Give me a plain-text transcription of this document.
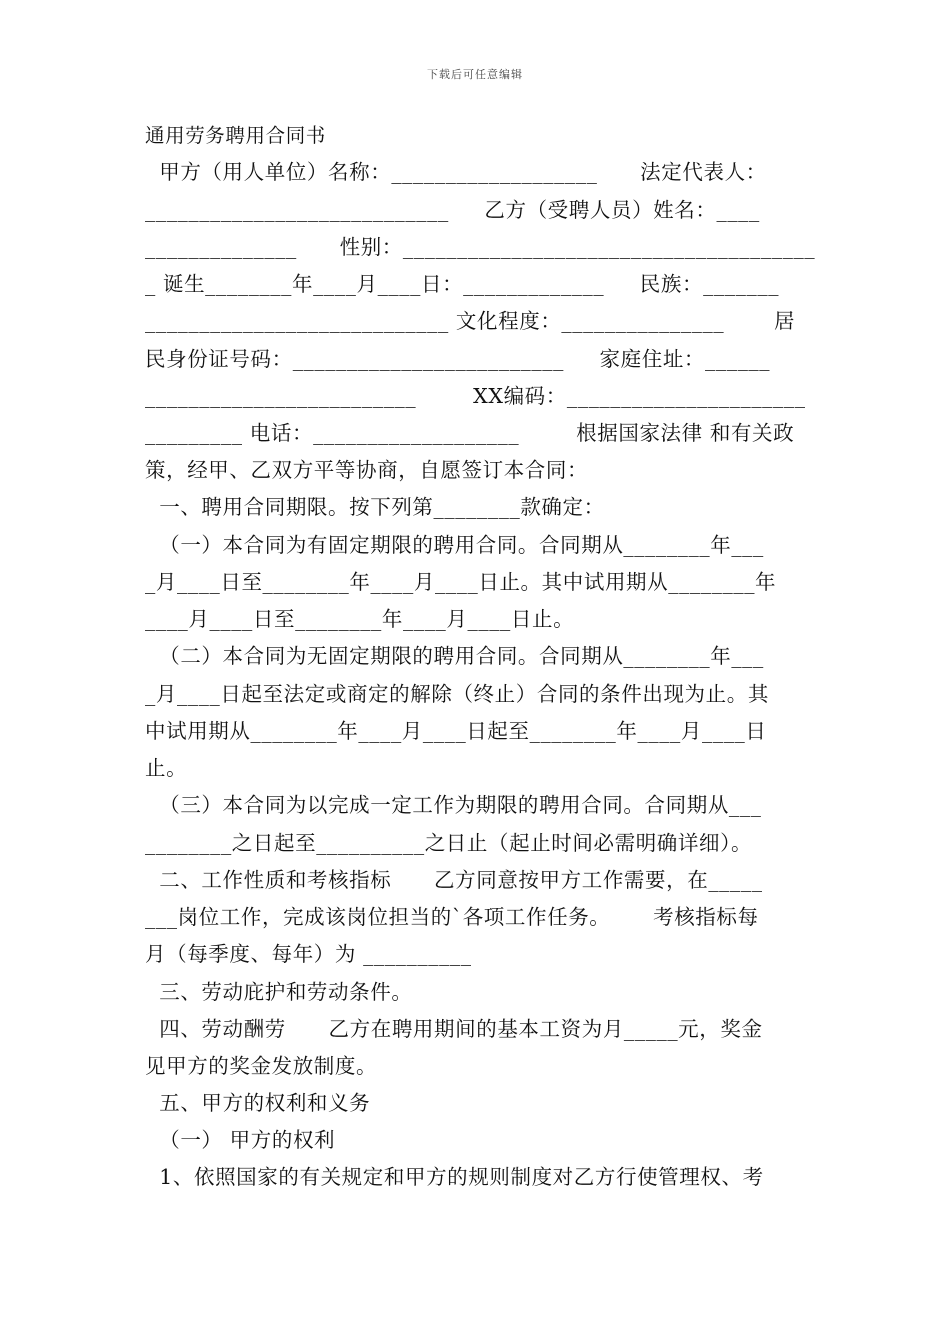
下载后可任意编辑
通用劳务聘用合同书
甲方（用人单位）名称：___________________      法定代表人：
____________________________     乙方（受聘人员）姓名：____
______________      性别：______________________________________
_ 诞生________年____月____日：_____________     民族：_______
____________________________ 文化程度：_______________       居
民身份证号码：_________________________     家庭住址：______
_________________________        XX编码：______________________
_________ 电话：___________________        根据国家法律 和有关政
策，经甲、乙双方平等协商，自愿签订本合同：
一、聘用合同期限。按下列第________款确定：
（一）本合同为有固定期限的聘用合同。合同期从________年___
_月____日至________年____月____日止。其中试用期从________年
____月____日至________年____月____日止。
（二）本合同为无固定期限的聘用合同。合同期从________年___
_月____日起至法定或商定的解除（终止）合同的条件出现为止。其
中试用期从________年____月____日起至________年____月____日
止。
（三）本合同为以完成一定工作为期限的聘用合同。合同期从___
________之日起至__________之日止（起止时间必需明确详细）。
二、工作性质和考核指标      乙方同意按甲方工作需要，在_____
___岗位工作，完成该岗位担当的`各项工作任务。      考核指标每
月（每季度、每年）为 __________
三、劳动庇护和劳动条件。
四、劳动酬劳      乙方在聘用期间的基本工资为月_____元，奖金
见甲方的奖金发放制度。
五、甲方的权利和义务
（一） 甲方的权利
1、依照国家的有关规定和甲方的规则制度对乙方行使管理权、考
